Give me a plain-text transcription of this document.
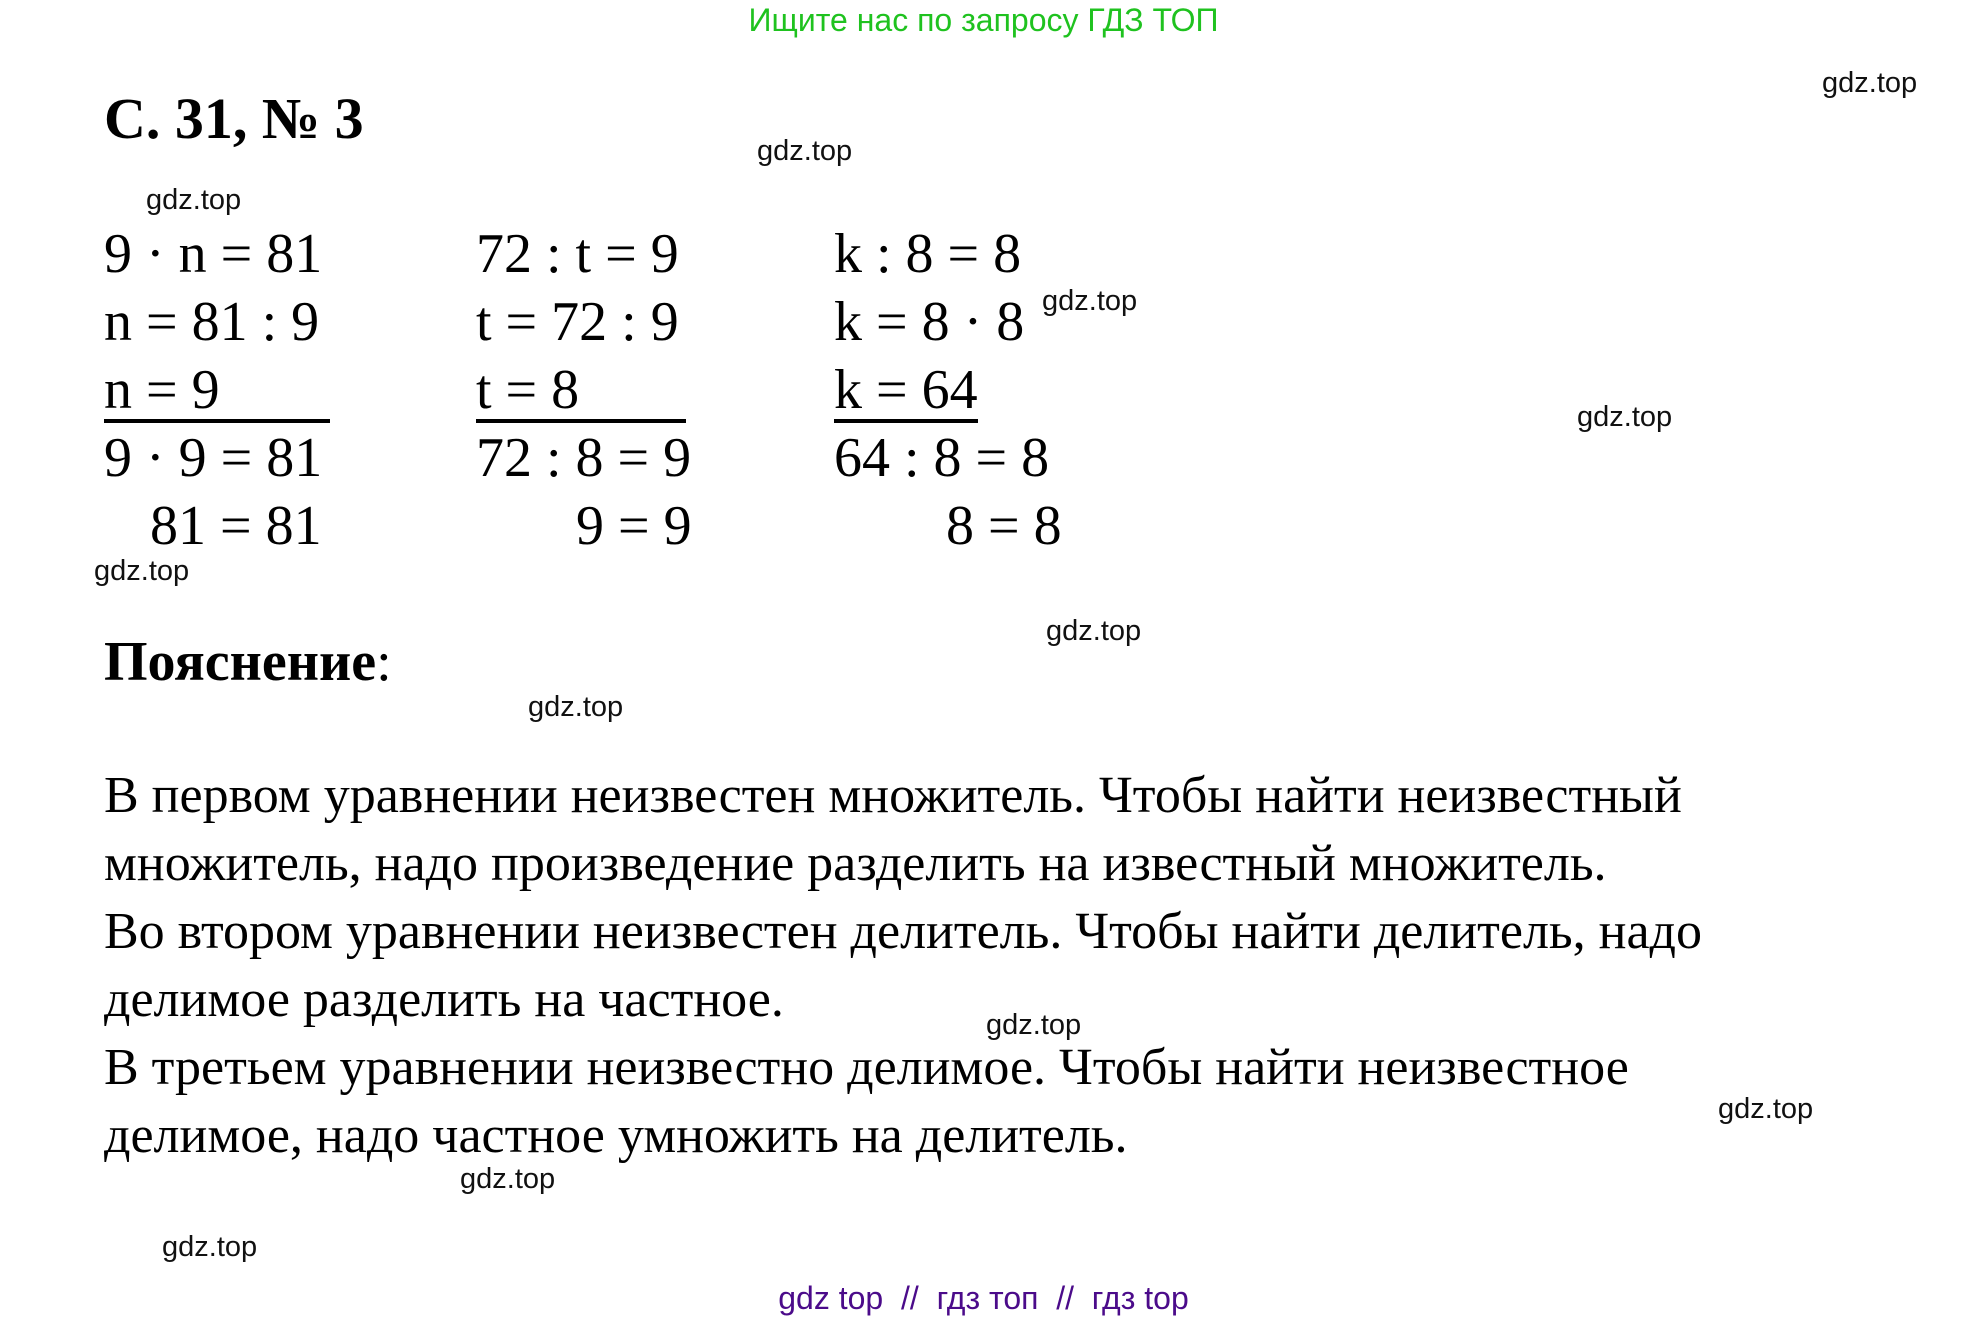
Ищите нас по запросу ГДЗ ТОП
С. 31, № 3
gdz.top
gdz.top
gdz.top
gdz.top
gdz.top
gdz.top
gdz.top
gdz.top
gdz.top
gdz.top
gdz.top
gdz.top
9 · n = 81
n = 81 : 9
n = 9
9 · 9 = 81
81 = 81
72 : t = 9
t = 72 : 9
t = 8
72 : 8 = 9
9 = 9
k : 8 = 8
k = 8 · 8
k = 64
64 : 8 = 8
8 = 8
Пояснение:
В первом уравнении неизвестен множитель. Чтобы найти неизвестный
множитель, надо произведение разделить на известный множитель.
Во втором уравнении неизвестен делитель. Чтобы найти делитель, надо
делимое разделить на частное.
В третьем уравнении неизвестно делимое. Чтобы найти неизвестное
делимое, надо частное умножить на делитель.
gdz top  //  гдз топ  //  гдз top
